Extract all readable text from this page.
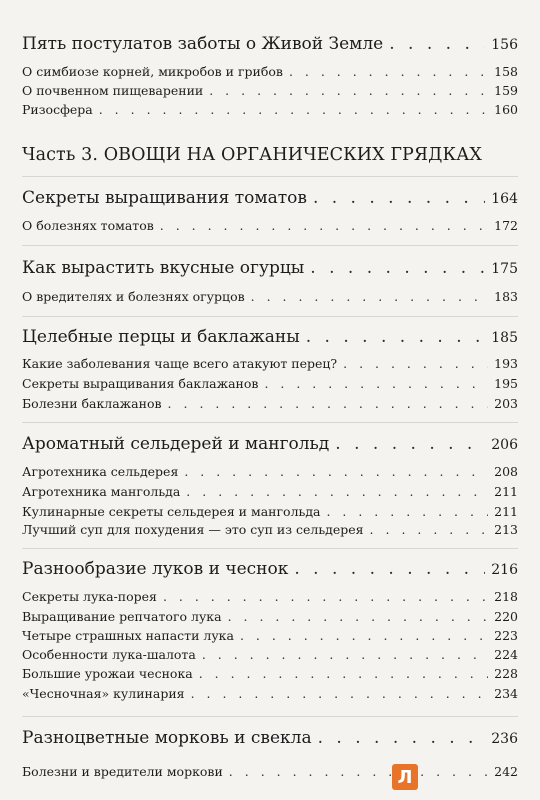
Пять постулатов заботы о Живой Земле . . .	156
О симбиозе корней, микробов и грибов . . .	158
О почвенном пищеварении . . .	159
Ризосфера . . .	160
Часть 3. ОВОЩИ НА ОРГАНИЧЕСКИХ ГРЯДКАХ
Секреты выращивания томатов . . .	164
О болезнях томатов . . .	172
Как вырастить вкусные огурцы . . .	175
О вредителях и болезнях огурцов . . .	183
Целебные перцы и баклажаны . . .	185
Какие заболевания чаще всего атакуют перец? . . .	193
Секреты выращивания баклажанов . . .	195
Болезни баклажанов . . .	203
Ароматный сельдерей и мангольд . . .	206
Агротехника сельдерея . . .	208
Агротехника мангольда . . .	211
Кулинарные секреты сельдерея и мангольда . . .	211
Лучший суп для похудения — это суп из сельдерея . . .	213
Разнообразие луков и чеснок . . .	216
Секреты лука-порея . . .	218
Выращивание репчатого лука . . .	220
Четыре страшных напасти лука . . .	223
Особенности лука-шалота . . .	224
Большие урожаи чеснока . . .	228
«Чесночная» кулинария . . .	234
Разноцветные морковь и свекла . . .	236
Болезни и вредители моркови . . .	242
Л
